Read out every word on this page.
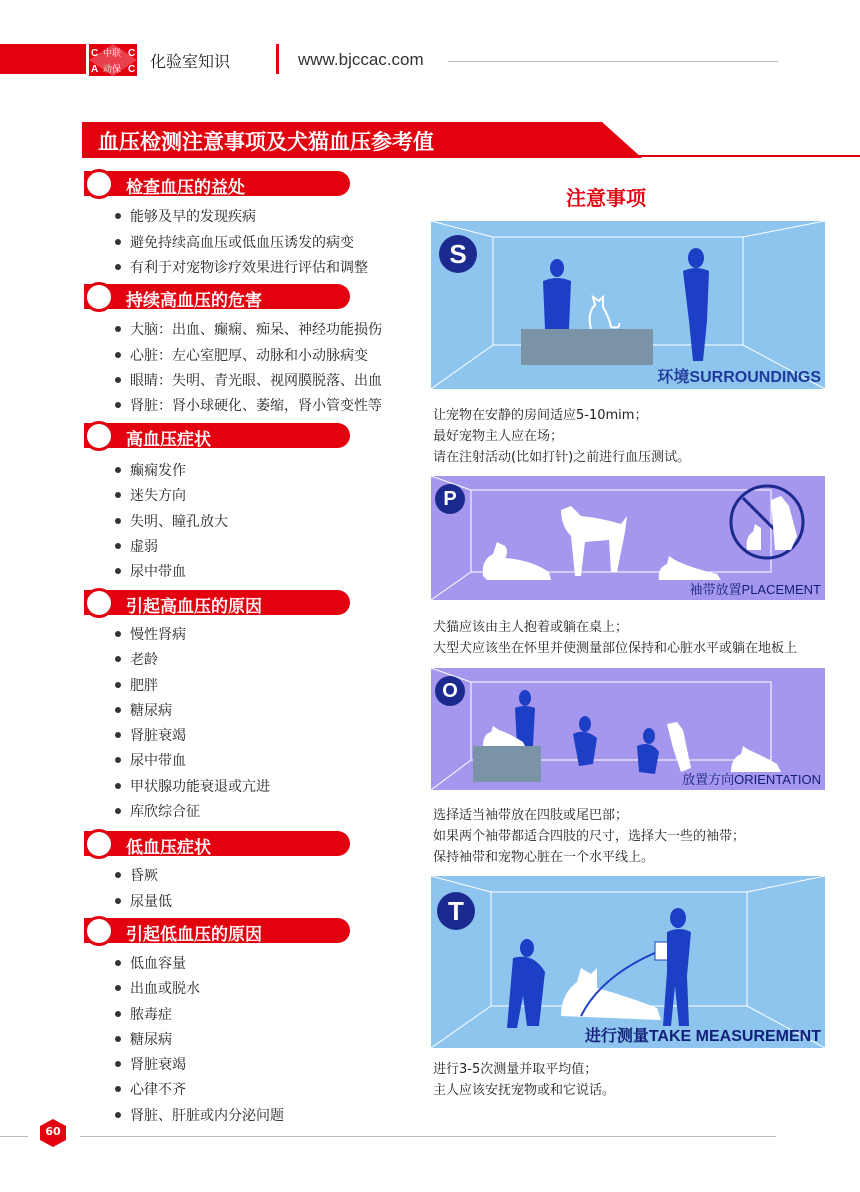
C 中联 C
A 动保 C 化验室知识	www.bjccac.com
血压检测注意事项及犬猫血压参考值
检查血压的益处
能够及早的发现疾病
避免持续高血压或低血压诱发的病变
有利于对宠物诊疗效果进行评估和调整
持续高血压的危害
大脑：出血、癫痫、痴呆、神经功能损伤
心脏：左心室肥厚、动脉和小动脉病变
眼睛：失明、青光眼、视网膜脱落、出血
肾脏：肾小球硬化、萎缩，肾小管变性等
高血压症状
癫痫发作
迷失方向
失明、瞳孔放大
虚弱
尿中带血
引起高血压的原因
慢性肾病
老龄
肥胖
糖尿病
肾脏衰竭
尿中带血
甲状腺功能衰退或亢进
库欣综合征
低血压症状
昏厥
尿量低
引起低血压的原因
低血容量
出血或脱水
脓毒症
糖尿病
肾脏衰竭
心律不齐
肾脏、肝脏或内分泌问题
注意事项
S
环境SURROUNDINGS
让宠物在安静的房间适应5-10mim；
最好宠物主人应在场；
请在注射活动(比如打针)之前进行血压测试。
P
袖带放置PLACEMENT
犬猫应该由主人抱着或躺在桌上；
大型犬应该坐在怀里并使测量部位保持和心脏水平或躺在地板上
O
放置方向ORIENTATION
选择适当袖带放在四肢或尾巴部；
如果两个袖带都适合四肢的尺寸，选择大一些的袖带；
保持袖带和宠物心脏在一个水平线上。
T
进行测量TAKE MEASUREMENT
进行3-5次测量并取平均值；
主人应该安抚宠物或和它说话。
60
